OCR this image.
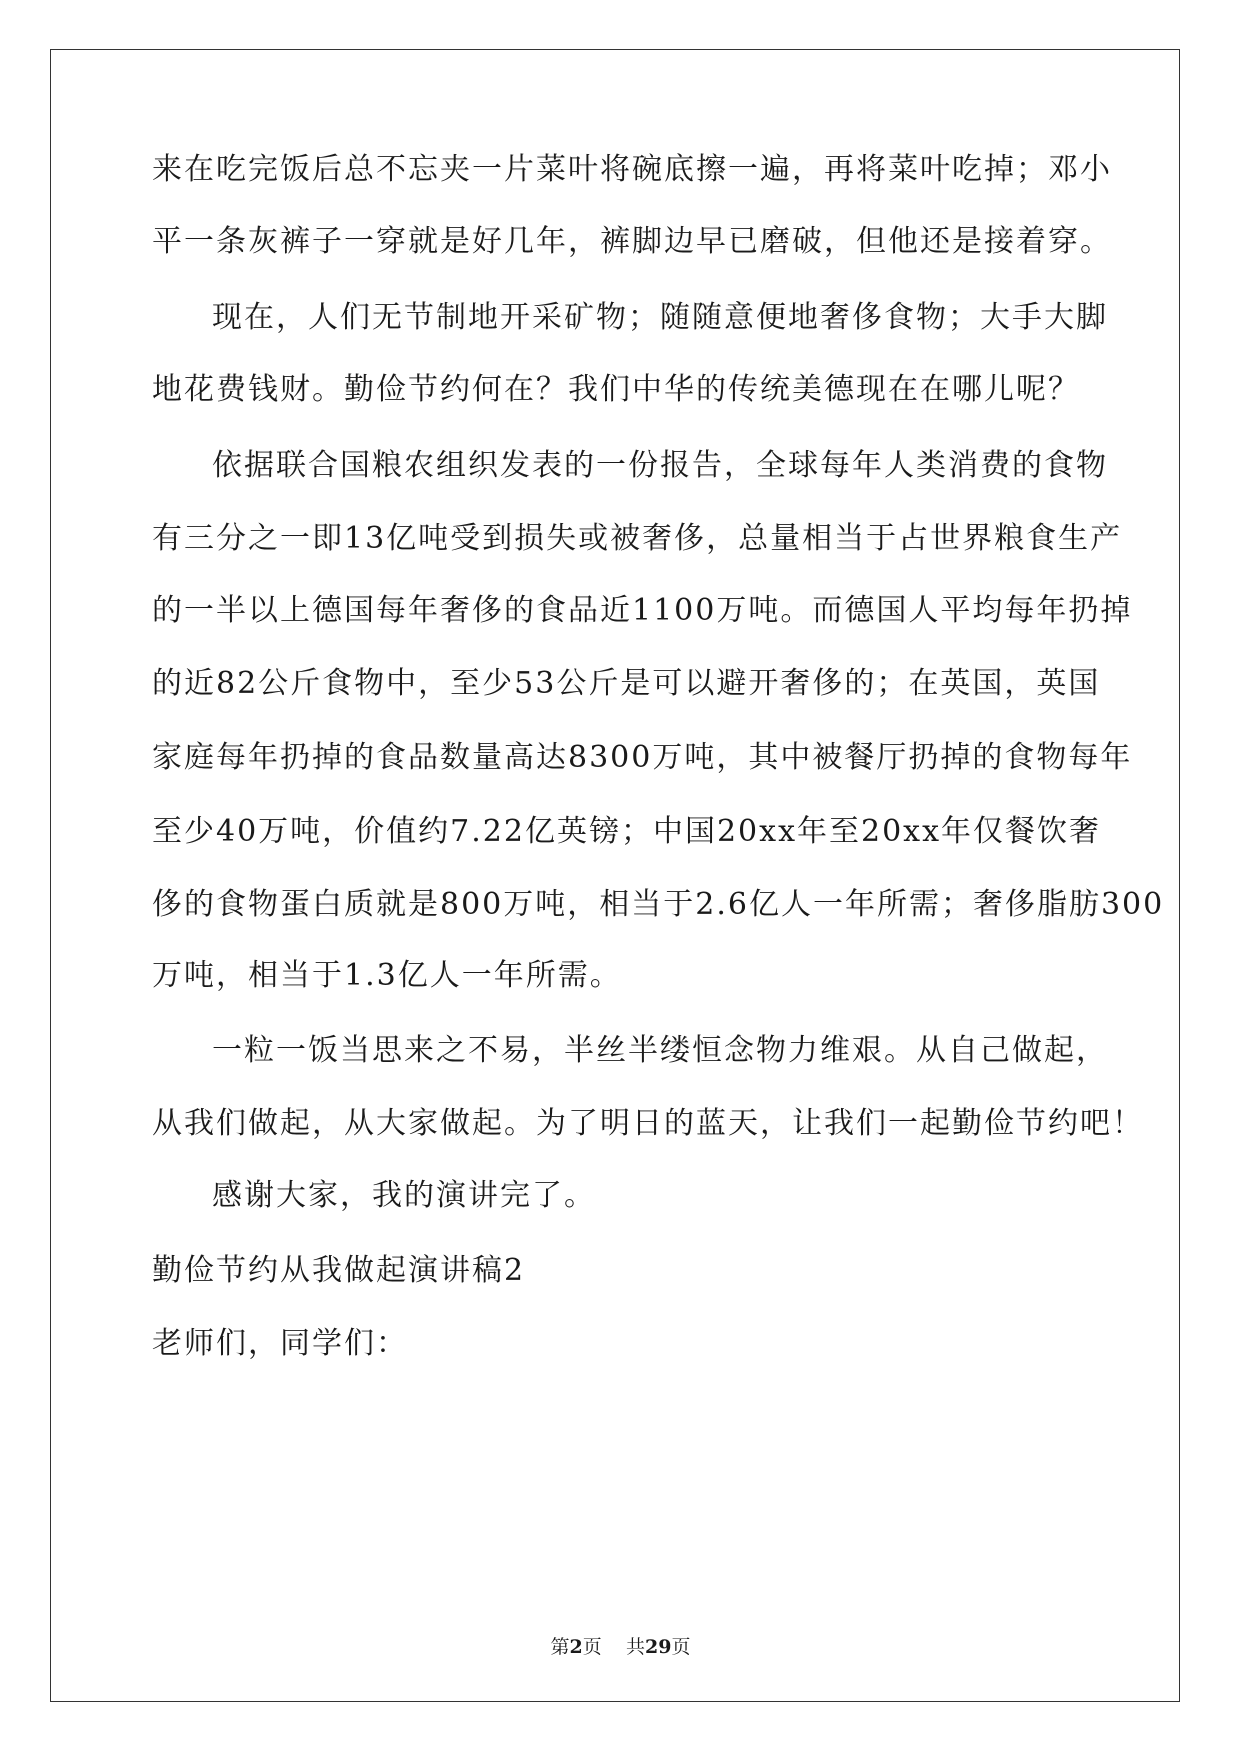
来在吃完饭后总不忘夹一片菜叶将碗底擦一遍，再将菜叶吃掉；邓小
平一条灰裤子一穿就是好几年，裤脚边早已磨破，但他还是接着穿。
现在，人们无节制地开采矿物；随随意便地奢侈食物；大手大脚
地花费钱财。勤俭节约何在？我们中华的传统美德现在在哪儿呢？
依据联合国粮农组织发表的一份报告，全球每年人类消费的食物
有三分之一即13亿吨受到损失或被奢侈，总量相当于占世界粮食生产
的一半以上德国每年奢侈的食品近1100万吨。而德国人平均每年扔掉
的近82公斤食物中，至少53公斤是可以避开奢侈的；在英国，英国
家庭每年扔掉的食品数量高达8300万吨，其中被餐厅扔掉的食物每年
至少40万吨，价值约7.22亿英镑；中国20xx年至20xx年仅餐饮奢
侈的食物蛋白质就是800万吨，相当于2.6亿人一年所需；奢侈脂肪300
万吨，相当于1.3亿人一年所需。
一粒一饭当思来之不易，半丝半缕恒念物力维艰。从自己做起，
从我们做起，从大家做起。为了明日的蓝天，让我们一起勤俭节约吧！
感谢大家，我的演讲完了。
勤俭节约从我做起演讲稿2
老师们，同学们：
第2页 共29页
